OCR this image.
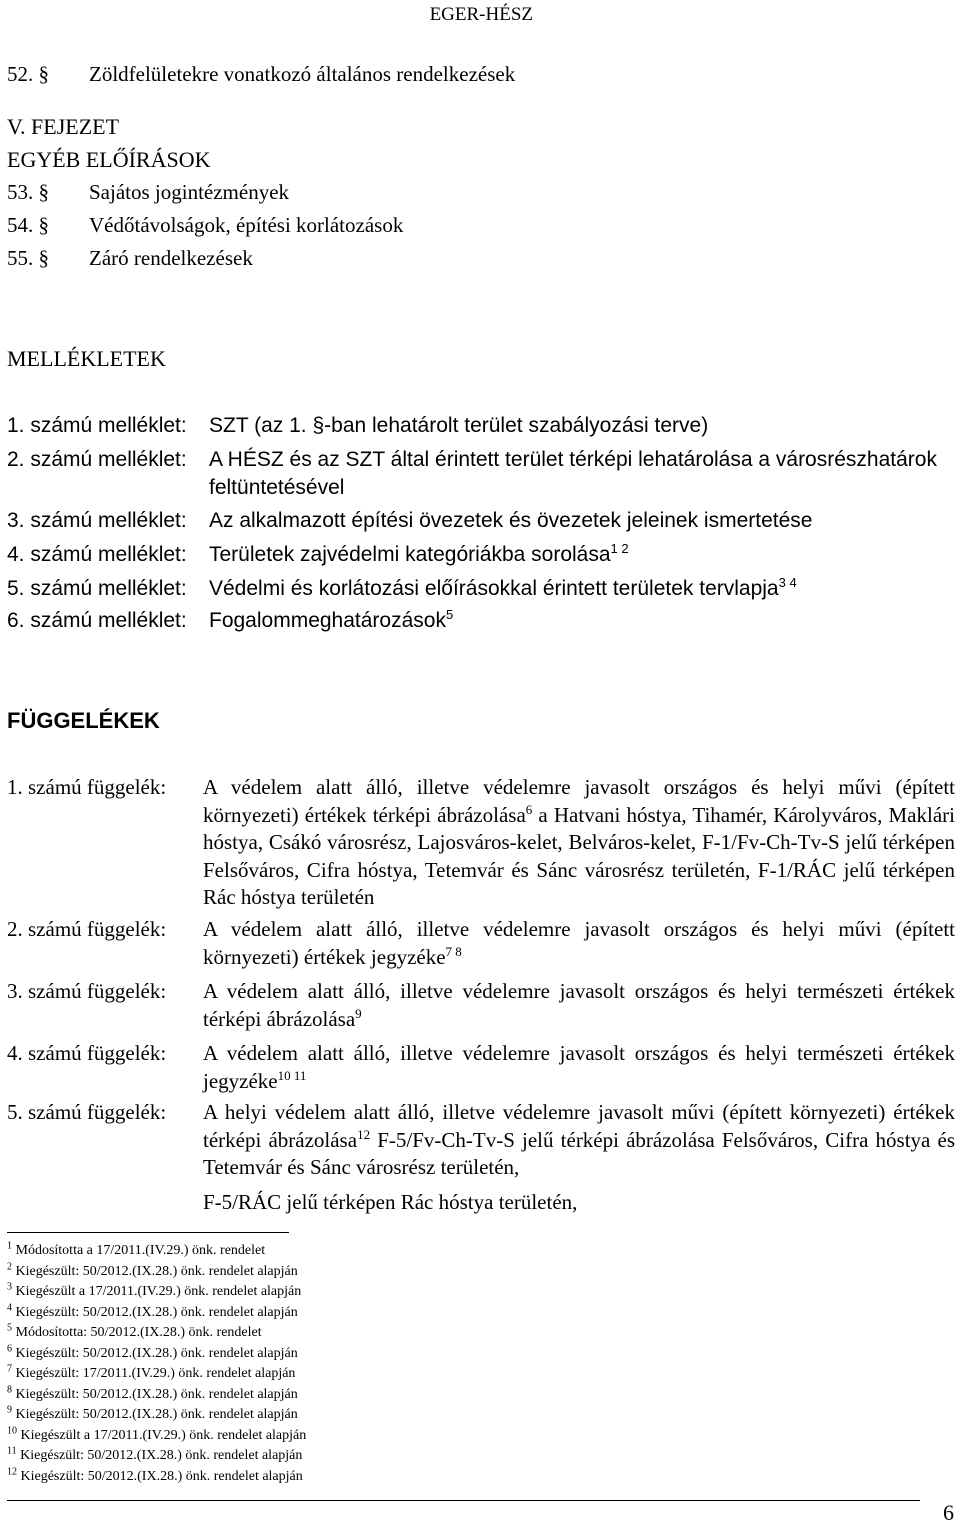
EGER-HÉSZ
52. § Zöldfelületekre vonatkozó általános rendelkezések
V. FEJEZET
EGYÉB ELŐÍRÁSOK
53. § Sajátos jogintézmények
54. § Védőtávolságok, építési korlátozások
55. § Záró rendelkezések
MELLÉKLETEK
1. számú melléklet: SZT (az 1. §-ban lehatárolt terület szabályozási terve)
2. számú melléklet: A HÉSZ és az SZT által érintett terület térképi lehatárolása a városrészhatárok
feltüntetésével
3. számú melléklet: Az alkalmazott építési övezetek és övezetek jeleinek ismertetése
4. számú melléklet: Területek zajvédelmi kategóriákba sorolása$^{1 2}$
5. számú melléklet: Védelmi és korlátozási előírásokkal érintett területek tervlapja$^{3 4}$
6. számú melléklet: Fogalommeghatározások$^5$
FÜGGELÉKEK
1. számú függelék: A védelem alatt álló, illetve védelemre javasolt országos és helyi művi (épített környezeti) értékek térképi ábrázolása$^6$ a Hatvani hóstya, Tihamér, Károlyváros, Maklári hóstya, Csákó városrész, Lajosváros-kelet, Belváros-kelet, F-1/Fv-Ch-Tv-S jelű térképen Felsőváros, Cifra hóstya, Tetemvár és Sánc városrész területén, F-1/RÁC jelű térképen Rác hóstya területén
2. számú függelék: A védelem alatt álló, illetve védelemre javasolt országos és helyi művi (épített környezeti) értékek jegyzéke$^{7 8}$
3. számú függelék: A védelem alatt álló, illetve védelemre javasolt országos és helyi természeti értékek térképi ábrázolása$^9$
4. számú függelék: A védelem alatt álló, illetve védelemre javasolt országos és helyi természeti értékek jegyzéke$^{10 11}$
5. számú függelék: A helyi védelem alatt álló, illetve védelemre javasolt művi (épített környezeti) értékek térképi ábrázolása$^{12}$ F-5/Fv-Ch-Tv-S jelű térképi ábrázolása Felsőváros, Cifra hóstya és Tetemvár és Sánc városrész területén,
F-5/RÁC jelű térképen Rác hóstya területén,
$^1$ Módosította a 17/2011.(IV.29.) önk. rendelet
$^2$ Kiegészült: 50/2012.(IX.28.) önk. rendelet alapján
$^3$ Kiegészült a 17/2011.(IV.29.) önk. rendelet alapján
$^4$ Kiegészült: 50/2012.(IX.28.) önk. rendelet alapján
$^5$ Módosította: 50/2012.(IX.28.) önk. rendelet
$^6$ Kiegészült: 50/2012.(IX.28.) önk. rendelet alapján
$^7$ Kiegészült: 17/2011.(IV.29.) önk. rendelet alapján
$^8$ Kiegészült: 50/2012.(IX.28.) önk. rendelet alapján
$^9$ Kiegészült: 50/2012.(IX.28.) önk. rendelet alapján
$^{10}$ Kiegészült a 17/2011.(IV.29.) önk. rendelet alapján
$^{11}$ Kiegészült: 50/2012.(IX.28.) önk. rendelet alapján
$^{12}$ Kiegészült: 50/2012.(IX.28.) önk. rendelet alapján
6
